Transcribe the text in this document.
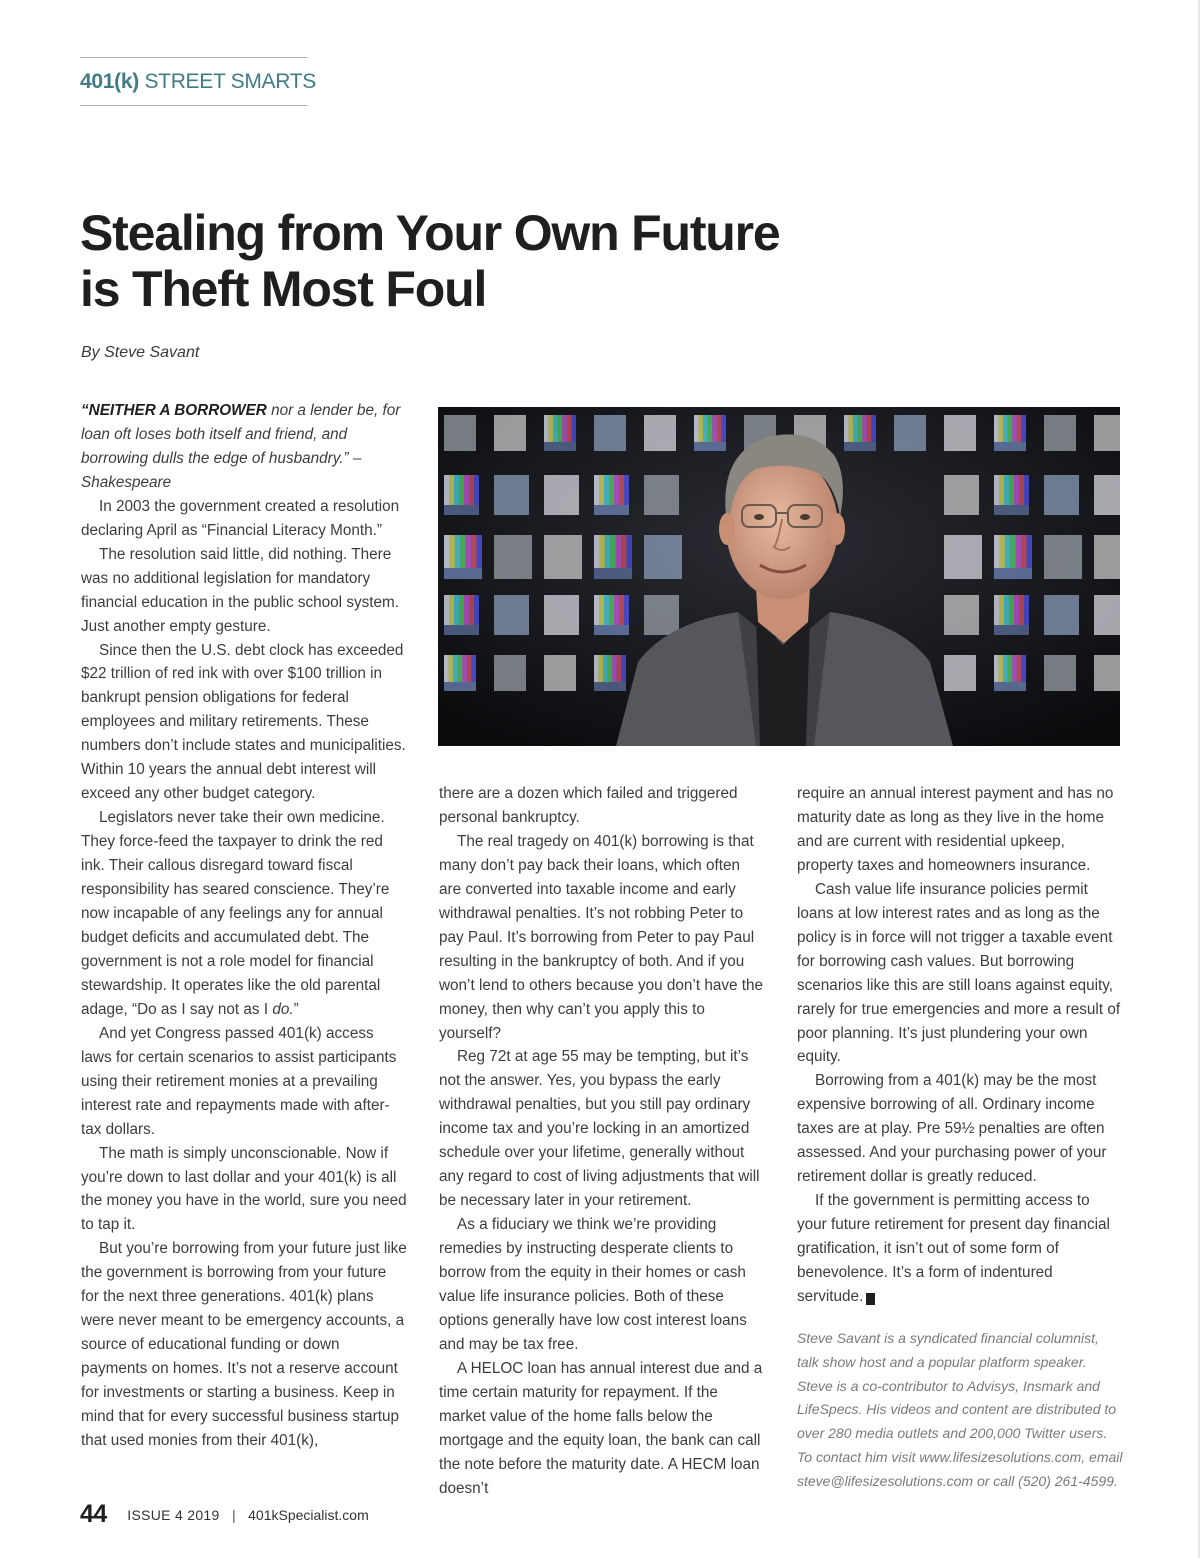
401(k) STREET SMARTS
Stealing from Your Own Future
is Theft Most Foul
By Steve Savant

“NEITHER A BORROWER nor a lender be, for loan oft loses both itself and friend, and borrowing dulls the edge of husbandry.” – Shakespeare

In 2003 the government created a resolution declaring April as “Financial Literacy Month.”

The resolution said little, did nothing. There was no additional legislation for mandatory financial education in the public school system. Just another empty gesture.

Since then the U.S. debt clock has exceeded $22 trillion of red ink with over $100 trillion in bankrupt pension obligations for federal employees and military retirements. These numbers don’t include states and municipalities. Within 10 years the annual debt interest will exceed any other budget category.

Legislators never take their own medicine. They force-feed the taxpayer to drink the red ink. Their callous disregard toward fiscal responsibility has seared conscience. They’re now incapable of any feelings any for annual budget deficits and accumulated debt. The government is not a role model for financial stewardship. It operates like the old parental adage, “Do as I say not as I do.”

And yet Congress passed 401(k) access laws for certain scenarios to assist participants using their retirement monies at a prevailing interest rate and repayments made with after-tax dollars.

The math is simply unconscionable. Now if you’re down to last dollar and your 401(k) is all the money you have in the world, sure you need to tap it.

But you’re borrowing from your future just like the government is borrowing from your future for the next three generations. 401(k) plans were never meant to be emergency accounts, a source of educational funding or down payments on homes. It’s not a reserve account for investments or starting a business. Keep in mind that for every successful business startup that used monies from their 401(k),

there are a dozen which failed and triggered personal bankruptcy.

The real tragedy on 401(k) borrowing is that many don’t pay back their loans, which often are converted into taxable income and early withdrawal penalties. It’s not robbing Peter to pay Paul. It’s borrowing from Peter to pay Paul resulting in the bankruptcy of both. And if you won’t lend to others because you don’t have the money, then why can’t you apply this to yourself?

Reg 72t at age 55 may be tempting, but it’s not the answer. Yes, you bypass the early withdrawal penalties, but you still pay ordinary income tax and you’re locking in an amortized schedule over your lifetime, generally without any regard to cost of living adjustments that will be necessary later in your retirement.

As a fiduciary we think we’re providing remedies by instructing desperate clients to borrow from the equity in their homes or cash value life insurance policies. Both of these options generally have low cost interest loans and may be tax free.

A HELOC loan has annual interest due and a time certain maturity for repayment. If the market value of the home falls below the mortgage and the equity loan, the bank can call the note before the maturity date. A HECM loan doesn’t

require an annual interest payment and has no maturity date as long as they live in the home and are current with residential upkeep, property taxes and homeowners insurance.

Cash value life insurance policies permit loans at low interest rates and as long as the policy is in force will not trigger a taxable event for borrowing cash values. But borrowing scenarios like this are still loans against equity, rarely for true emergencies and more a result of poor planning. It’s just plundering your own equity.

Borrowing from a 401(k) may be the most expensive borrowing of all. Ordinary income taxes are at play. Pre 59½ penalties are often assessed. And your purchasing power of your retirement dollar is greatly reduced.

If the government is permitting access to your future retirement for present day financial gratification, it isn’t out of some form of benevolence. It’s a form of indentured servitude. K

Steve Savant is a syndicated financial columnist, talk show host and a popular platform speaker. Steve is a co-contributor to Advisys, Insmark and LifeSpecs. His videos and content are distributed to over 280 media outlets and 200,000 Twitter users. To contact him visit www.lifesizesolutions.com, email steve@lifesizesolutions.com or call (520) 261-4599.

44 ISSUE 4 2019 | 401kSpecialist.com
